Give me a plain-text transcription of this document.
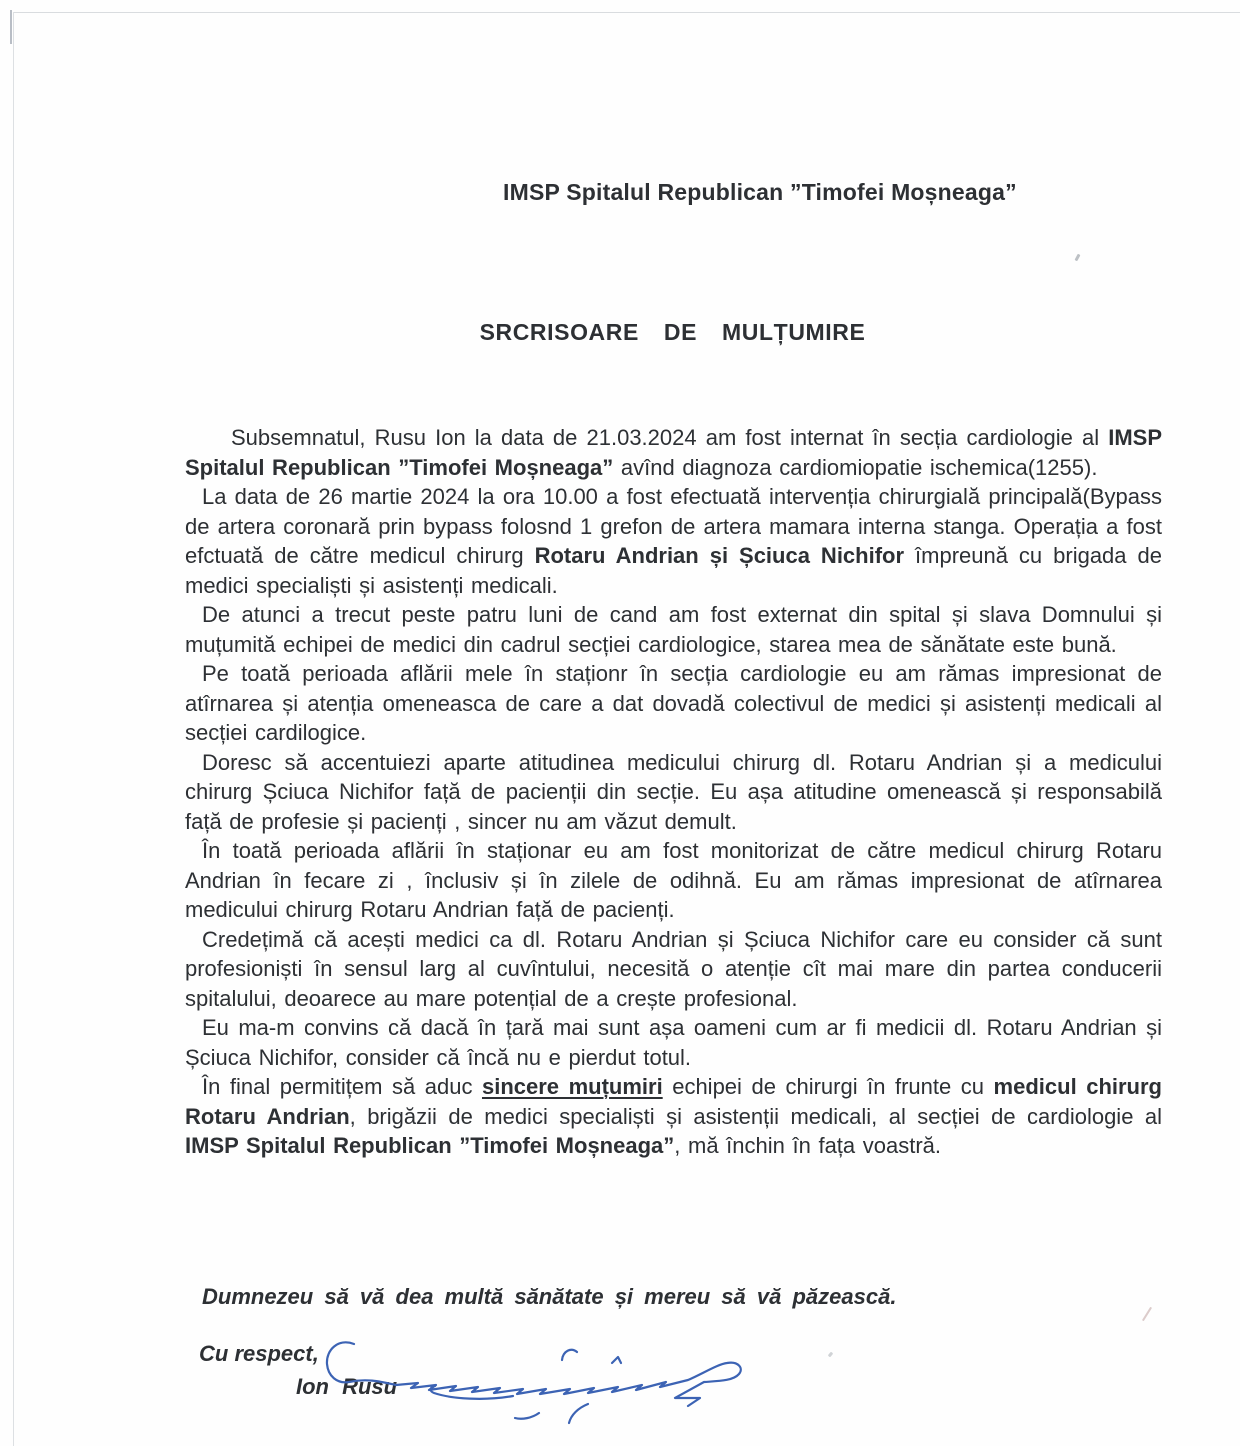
IMSP Spitalul Republican ”Timofei Moșneaga”
SRCRISOARE DE MULȚUMIRE

Subsemnatul, Rusu Ion la data de 21.03.2024 am fost internat în secția cardiologie al IMSP Spitalul Republican ”Timofei Moșneaga” avînd diagnoza cardiomiopatie ischemica(1255).

La data de 26 martie 2024 la ora 10.00 a fost efectuată intervenția chirurgială principală(Bypass de artera coronară prin bypass folosnd 1 grefon de artera mamara interna stanga. Operația a fost efctuată de către medicul chirurg Rotaru Andrian și Șciuca Nichifor împreună cu brigada de medici specialiști și asistenți medicali.

De atunci a trecut peste patru luni de cand am fost externat din spital și slava Domnului și muțumită echipei de medici din cadrul secției cardiologice, starea mea de sănătate este bună.

Pe toată perioada aflării mele în staționr în secția cardiologie eu am rămas impresionat de atîrnarea și atenția omeneasca de care a dat dovadă colectivul de medici și asistenți medicali al secției cardilogice.

Doresc să accentuiezi aparte atitudinea medicului chirurg dl. Rotaru Andrian și a medicului chirurg Șciuca Nichifor față de pacienții din secție. Eu așa atitudine omenească și responsabilă față de profesie și pacienți , sincer nu am văzut demult.

În toată perioada aflării în staționar eu am fost monitorizat de către medicul chirurg Rotaru Andrian în fecare zi , înclusiv și în zilele de odihnă. Eu am rămas impresionat de atîrnarea medicului chirurg Rotaru Andrian față de pacienți.

Credețimă că acești medici ca dl. Rotaru Andrian și Șciuca Nichifor care eu consider că sunt profesioniști în sensul larg al cuvîntului, necesită o atenție cît mai mare din partea conducerii spitalului, deoarece au mare potențial de a crește profesional.

Eu ma-m convins că dacă în țară mai sunt așa oameni cum ar fi medicii dl. Rotaru Andrian și Șciuca Nichifor, consider că încă nu e pierdut totul.

În final permitițem să aduc sincere muțumiri echipei de chirurgi în frunte cu medicul chirurg Rotaru Andrian, brigăzii de medici specialiști și asistenții medicali, al secției de cardiologie al IMSP Spitalul Republican ”Timofei Moșneaga”, mă închin în fața voastră.

Dumnezeu să vă dea multă sănătate și mereu să vă păzească.
Cu respect,
Ion Rusu
